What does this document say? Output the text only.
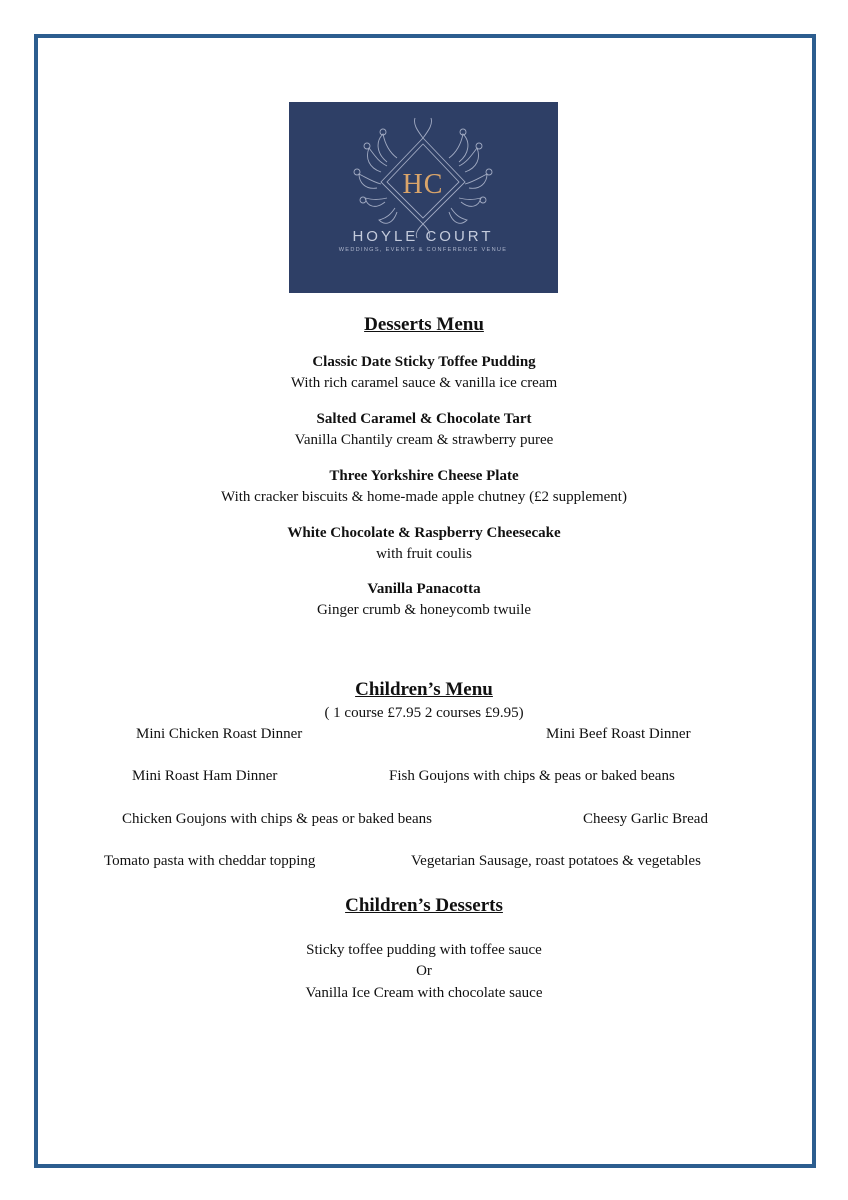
HC
HOYLE COURT
WEDDINGS, EVENTS & CONFERENCE VENUE
Desserts Menu
Classic Date Sticky Toffee Pudding
With rich caramel sauce & vanilla ice cream
Salted Caramel & Chocolate Tart
Vanilla Chantily cream & strawberry puree
Three Yorkshire Cheese Plate
With cracker biscuits & home-made apple chutney (£2 supplement)
White Chocolate & Raspberry Cheesecake
with fruit coulis
Vanilla Panacotta
Ginger crumb & honeycomb twuile
Children’s Menu
( 1 course £7.95 2 courses £9.95)
Mini Chicken Roast Dinner	Mini Beef Roast Dinner
Mini Roast Ham Dinner	Fish Goujons with chips & peas or baked beans
Chicken Goujons with chips & peas or baked beans	Cheesy Garlic Bread
Tomato pasta with cheddar topping	Vegetarian Sausage, roast potatoes & vegetables
Children’s Desserts
Sticky toffee pudding with toffee sauce
Or
Vanilla Ice Cream with chocolate sauce
